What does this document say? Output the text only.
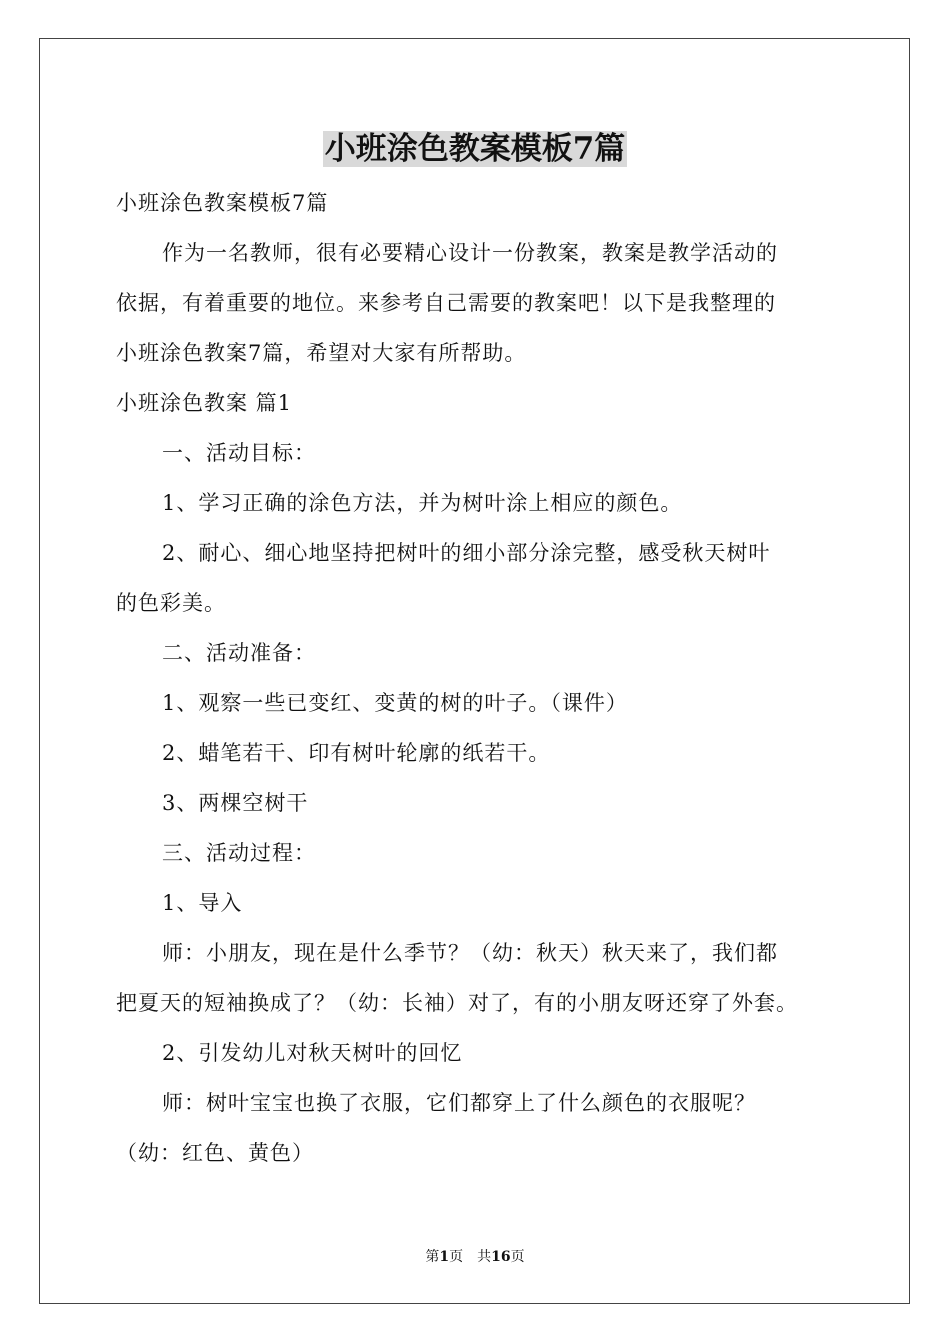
小班涂色教案模板7篇
小班涂色教案模板7篇
作为一名教师，很有必要精心设计一份教案，教案是教学活动的
依据，有着重要的地位。来参考自己需要的教案吧！以下是我整理的
小班涂色教案7篇，希望对大家有所帮助。
小班涂色教案 篇1
一、活动目标：
1、学习正确的涂色方法，并为树叶涂上相应的颜色。
2、耐心、细心地坚持把树叶的细小部分涂完整，感受秋天树叶
的色彩美。
二、活动准备：
1、观察一些已变红、变黄的树的叶子。（课件）
2、蜡笔若干、印有树叶轮廓的纸若干。
3、两棵空树干
三、活动过程：
1、导入
师：小朋友，现在是什么季节？（幼：秋天）秋天来了，我们都
把夏天的短袖换成了？（幼：长袖）对了，有的小朋友呀还穿了外套。
2、引发幼儿对秋天树叶的回忆
师：树叶宝宝也换了衣服，它们都穿上了什么颜色的衣服呢？
（幼：红色、黄色）
第1页 共16页
